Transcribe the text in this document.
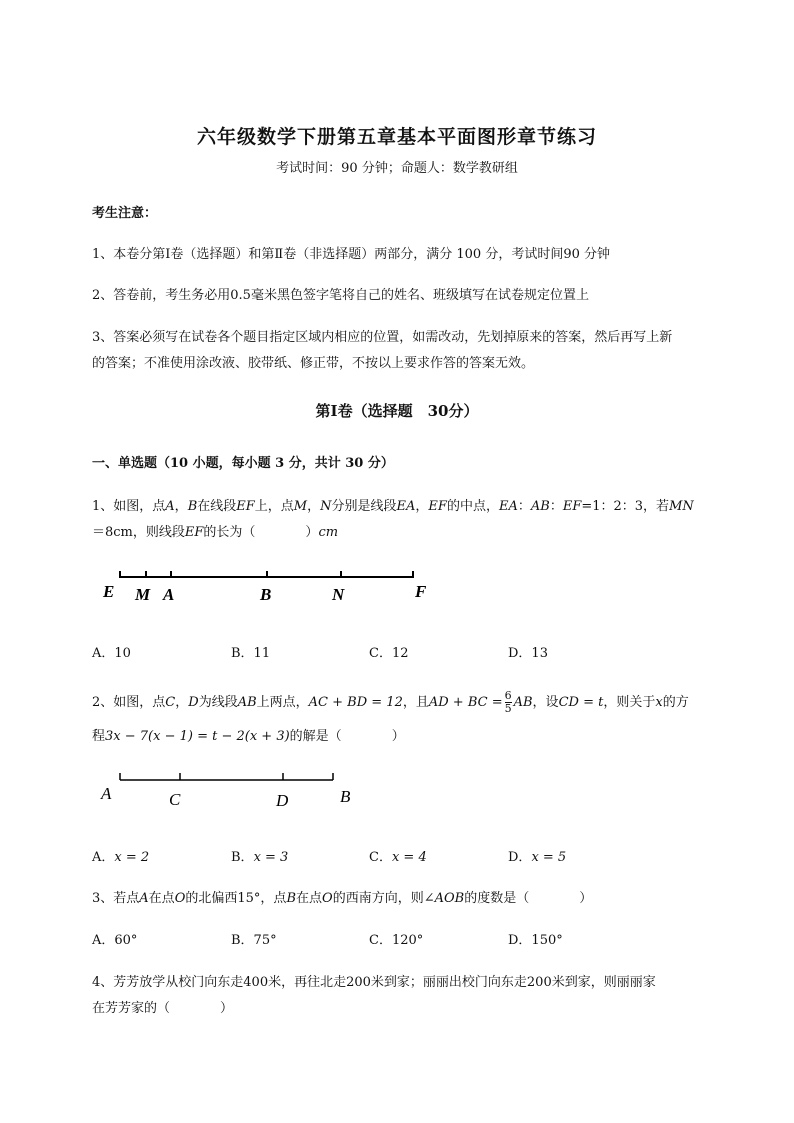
六年级数学下册第五章基本平面图形章节练习
考试时间：90 分钟；命题人：数学教研组
考生注意：
1、本卷分第Ⅰ卷（选择题）和第Ⅱ卷（非选择题）两部分，满分 100 分，考试时间90 分钟
2、答卷前，考生务必用0.5毫米黑色签字笔将自己的姓名、班级填写在试卷规定位置上
3、答案必须写在试卷各个题目指定区域内相应的位置，如需改动，先划掉原来的答案，然后再写上新
的答案；不准使用涂改液、胶带纸、修正带，不按以上要求作答的答案无效。
第Ⅰ卷（选择题　30分）
一、单选题（10 小题，每小题 3 分，共计 30 分）
1、如图，点A，B在线段EF上，点M，N分别是线段EA，EF的中点，EA：AB：EF=1：2：3，若MN
＝8cm，则线段EF的长为（	）cm
E M A	B	N	F
A．10	B．11	C．12	D．13
2、如图，点C，D为线段AB上两点，AC + BD = 12，且AD + BC = $\frac{6}{5}$ AB，设CD = t，则关于x的方
程3x − 7(x − 1) = t − 2(x + 3)的解是（	）
A	C	D	B
A．x = 2	B．x = 3	C．x = 4	D．x = 5
3、若点A在点O的北偏西15°，点B在点O的西南方向，则∠AOB的度数是（	）
A．60°	B．75°	C．120°	D．150°
4、芳芳放学从校门向东走400米，再往北走200米到家；丽丽出校门向东走200米到家，则丽丽家
在芳芳家的（	）
